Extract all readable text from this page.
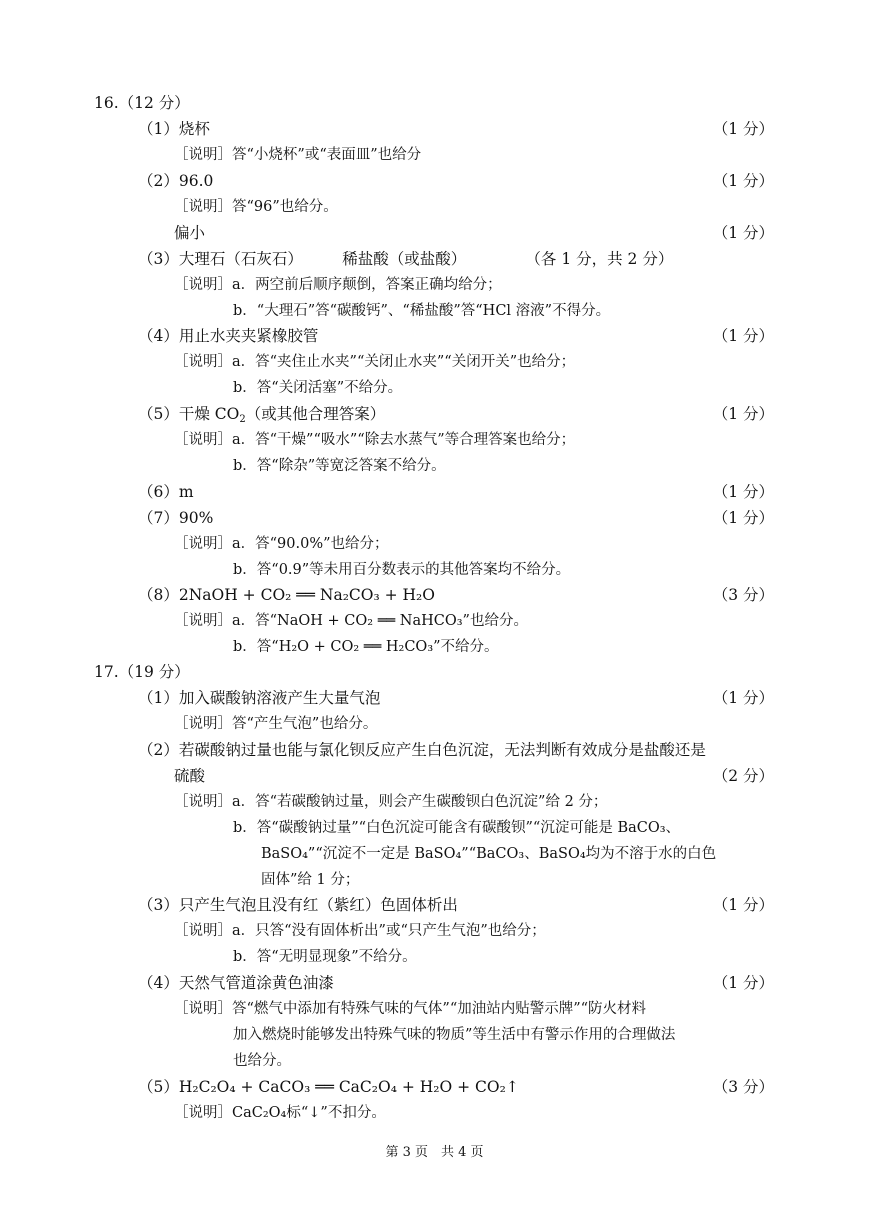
16.（12 分）
（1）烧杯	（1 分）
［说明］答“小烧杯”或“表面皿”也给分
（2）96.0	（1 分）
［说明］答“96”也给分。
偏小	（1 分）
（3）大理石（石灰石）        稀盐酸（或盐酸）            （各 1 分，共 2 分）
［说明］a．两空前后顺序颠倒，答案正确均给分；
b．“大理石”答“碳酸钙”、“稀盐酸”答“HCl 溶液”不得分。
（4）用止水夹夹紧橡胶管	（1 分）
［说明］a．答“夹住止水夹”“关闭止水夹”“关闭开关”也给分；
b．答“关闭活塞”不给分。
（5）干燥 $CO_2$（或其他合理答案）	（1 分）
［说明］a．答“干燥”“吸水”“除去水蒸气”等合理答案也给分；
b．答“除杂”等宽泛答案不给分。
（6）m	（1 分）
（7）90%	（1 分）
［说明］a．答“90.0%”也给分；
b．答“0.9”等未用百分数表示的其他答案均不给分。
（8）2NaOH + CO₂ ══ Na₂CO₃ + H₂O	（3 分）
［说明］a．答“NaOH + CO₂ ══ NaHCO₃”也给分。
b．答“H₂O + CO₂ ══ H₂CO₃”不给分。
17.（19 分）
（1）加入碳酸钠溶液产生大量气泡	（1 分）
［说明］答“产生气泡”也给分。
（2）若碳酸钠过量也能与氯化钡反应产生白色沉淀，无法判断有效成分是盐酸还是
硫酸	（2 分）
［说明］a．答“若碳酸钠过量，则会产生碳酸钡白色沉淀”给 2 分；
b．答“碳酸钠过量”“白色沉淀可能含有碳酸钡”“沉淀可能是 BaCO₃、
BaSO₄”“沉淀不一定是 BaSO₄”“BaCO₃、BaSO₄均为不溶于水的白色
固体”给 1 分；
（3）只产生气泡且没有红（紫红）色固体析出	（1 分）
［说明］a．只答“没有固体析出”或“只产生气泡”也给分；
b．答“无明显现象”不给分。
（4）天然气管道涂黄色油漆	（1 分）
［说明］答“燃气中添加有特殊气味的气体”“加油站内贴警示牌”“防火材料
加入燃烧时能够发出特殊气味的物质”等生活中有警示作用的合理做法
也给分。
（5）H₂C₂O₄ + CaCO₃ ══ CaC₂O₄ + H₂O + CO₂↑	（3 分）
［说明］CaC₂O₄标“↓”不扣分。
第 3 页　共 4 页
